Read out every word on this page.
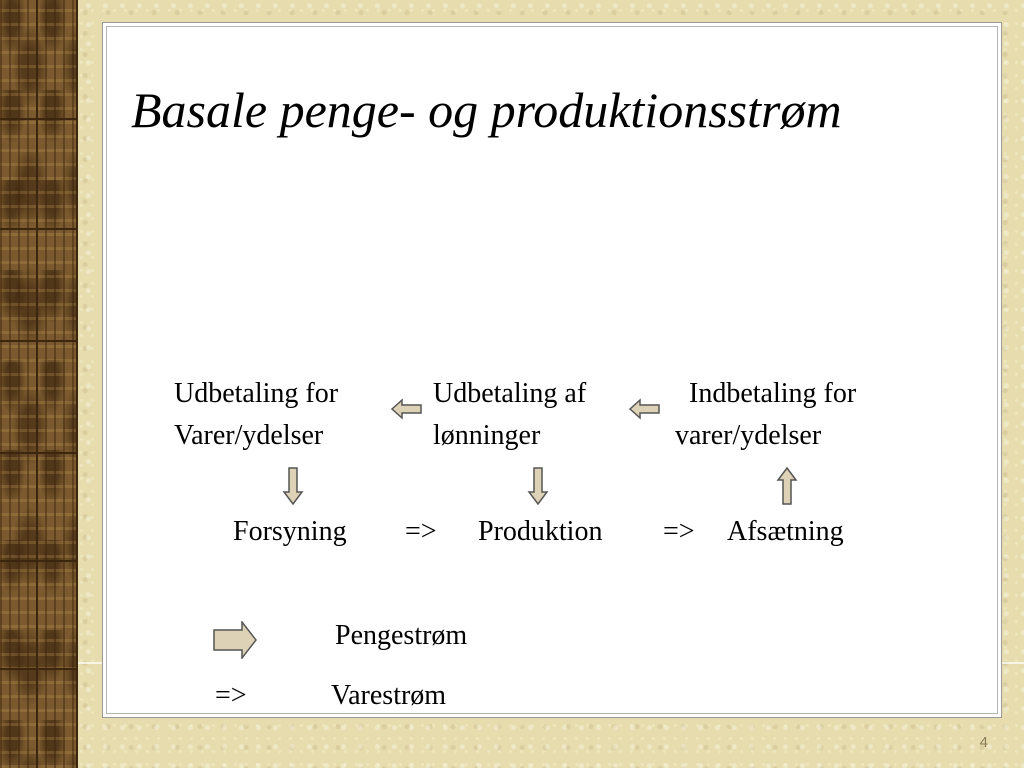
Basale penge- og produktionsstrøm
Udbetaling for
Varer/ydelser
Udbetaling af
lønninger
Indbetaling for
varer/ydelser
Forsyning => Produktion => Afsætning
Pengestrøm
=>	Varestrøm
4
